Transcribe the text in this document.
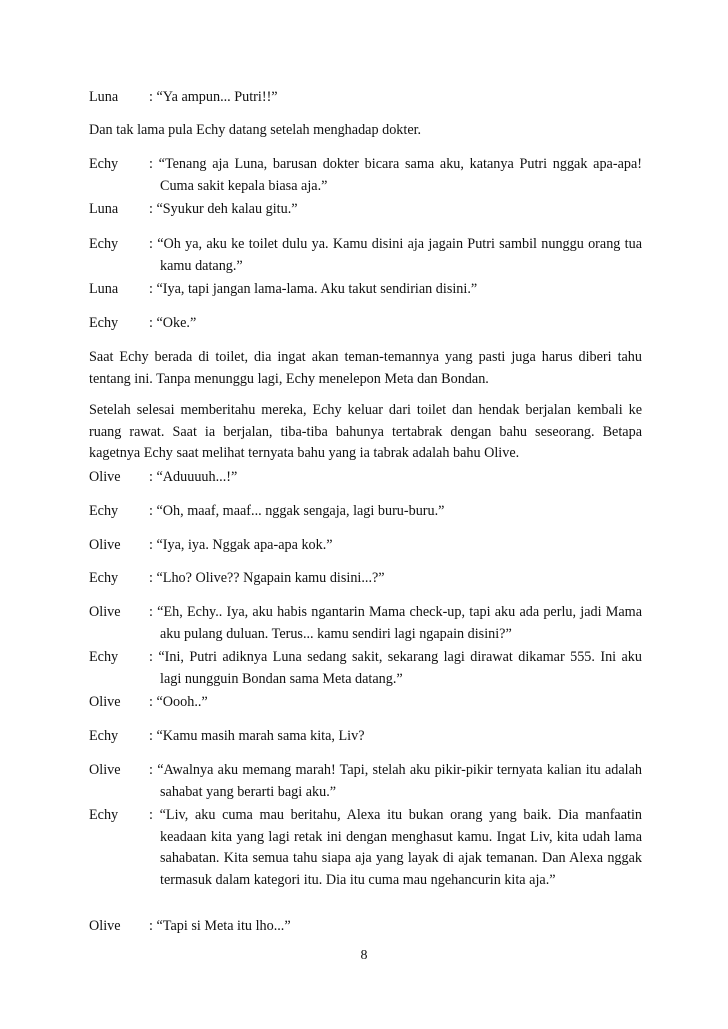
Luna	: “Ya ampun... Putri!!”
Dan tak lama pula Echy datang setelah menghadap dokter.
Echy	: “Tenang aja Luna, barusan dokter bicara sama aku, katanya Putri nggak apa-apa! Cuma sakit kepala biasa aja.”
Luna	: “Syukur deh kalau gitu.”
Echy	: “Oh ya, aku ke toilet dulu ya. Kamu disini aja jagain Putri sambil nunggu orang tua kamu datang.”
Luna	: “Iya, tapi jangan lama-lama. Aku takut sendirian disini.”
Echy	: “Oke.”
Saat Echy berada di toilet, dia ingat akan teman-temannya yang pasti juga harus diberi tahu tentang ini. Tanpa menunggu lagi, Echy menelepon Meta dan Bondan.
Setelah selesai memberitahu mereka, Echy keluar dari toilet dan hendak berjalan kembali ke ruang rawat. Saat ia berjalan, tiba-tiba bahunya tertabrak dengan bahu seseorang. Betapa kagetnya Echy saat melihat ternyata bahu yang ia tabrak adalah bahu Olive.
Olive	: “Aduuuuh...!”
Echy	: “Oh, maaf, maaf... nggak sengaja, lagi buru-buru.”
Olive	: “Iya, iya. Nggak apa-apa kok.”
Echy	: “Lho? Olive?? Ngapain kamu disini...?”
Olive	: “Eh, Echy.. Iya, aku habis ngantarin Mama check-up, tapi aku ada perlu, jadi Mama aku pulang duluan. Terus... kamu sendiri lagi ngapain disini?”
Echy	: “Ini, Putri adiknya Luna sedang sakit, sekarang lagi dirawat dikamar 555. Ini aku lagi nungguin Bondan sama Meta datang.”
Olive	: “Oooh..”
Echy	: “Kamu masih marah sama kita, Liv?
Olive	: “Awalnya aku memang marah! Tapi, stelah aku pikir-pikir ternyata kalian itu adalah sahabat yang berarti bagi aku.”
Echy	: “Liv, aku cuma mau beritahu, Alexa itu bukan orang yang baik. Dia manfaatin keadaan kita yang lagi retak ini dengan menghasut kamu. Ingat Liv, kita udah lama sahabatan. Kita semua tahu siapa aja yang layak di ajak temanan. Dan Alexa nggak termasuk dalam kategori itu. Dia itu cuma mau ngehancurin kita aja.”
Olive	: “Tapi si Meta itu lho...”
8
